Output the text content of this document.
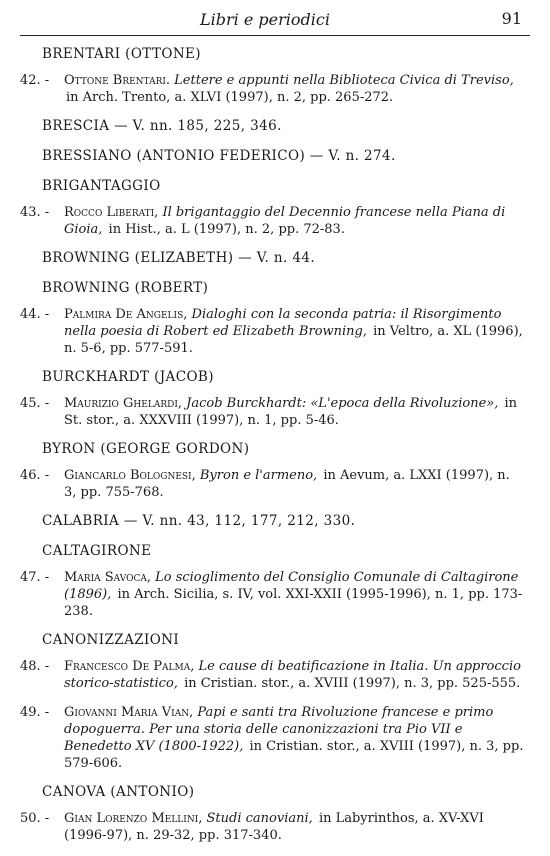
Libri e periodici	91
BRENTARI (OTTONE)
42. -Ottone Brentari. Lettere e appunti nella Biblioteca Civica di Treviso, in Arch. Trento, a. XLVI (1997), n. 2, pp. 265-272.
BRESCIA — V. nn. 185, 225, 346.
BRESSIANO (ANTONIO FEDERICO) — V. n. 274.
BRIGANTAGGIO
43. -Rocco Liberati, Il brigantaggio del Decennio francese nella Piana di Gioia, in Hist., a. L (1997), n. 2, pp. 72-83.
BROWNING (ELIZABETH) — V. n. 44.
BROWNING (ROBERT)
44. -Palmira De Angelis, Dialoghi con la seconda patria: il Risorgimento nella poesia di Robert ed Elizabeth Browning, in Veltro, a. XL (1996), n. 5-6, pp. 577-591.
BURCKHARDT (JACOB)
45. -Maurizio Ghelardi, Jacob Burckhardt: «L'epoca della Rivoluzione», in St. stor., a. XXXVIII (1997), n. 1, pp. 5-46.
BYRON (GEORGE GORDON)
46. -Giancarlo Bolognesi, Byron e l'armeno, in Aevum, a. LXXI (1997), n. 3, pp. 755-768.
CALABRIA — V. nn. 43, 112, 177, 212, 330.
CALTAGIRONE
47. -Maria Savoca, Lo scioglimento del Consiglio Comunale di Caltagirone (1896), in Arch. Sicilia, s. IV, vol. XXI-XXII (1995-1996), n. 1, pp. 173-238.
CANONIZZAZIONI
48. -Francesco De Palma, Le cause di beatificazione in Italia. Un approccio storico-statistico, in Cristian. stor., a. XVIII (1997), n. 3, pp. 525-555.
49. -Giovanni Maria Vian, Papi e santi tra Rivoluzione francese e primo dopoguerra. Per una storia delle canonizzazioni tra Pio VII e Benedetto XV (1800-1922), in Cristian. stor., a. XVIII (1997), n. 3, pp. 579-606.
CANOVA (ANTONIO)
50. -Gian Lorenzo Mellini, Studi canoviani, in Labyrinthos, a. XV-XVI (1996-97), n. 29-32, pp. 317-340.
